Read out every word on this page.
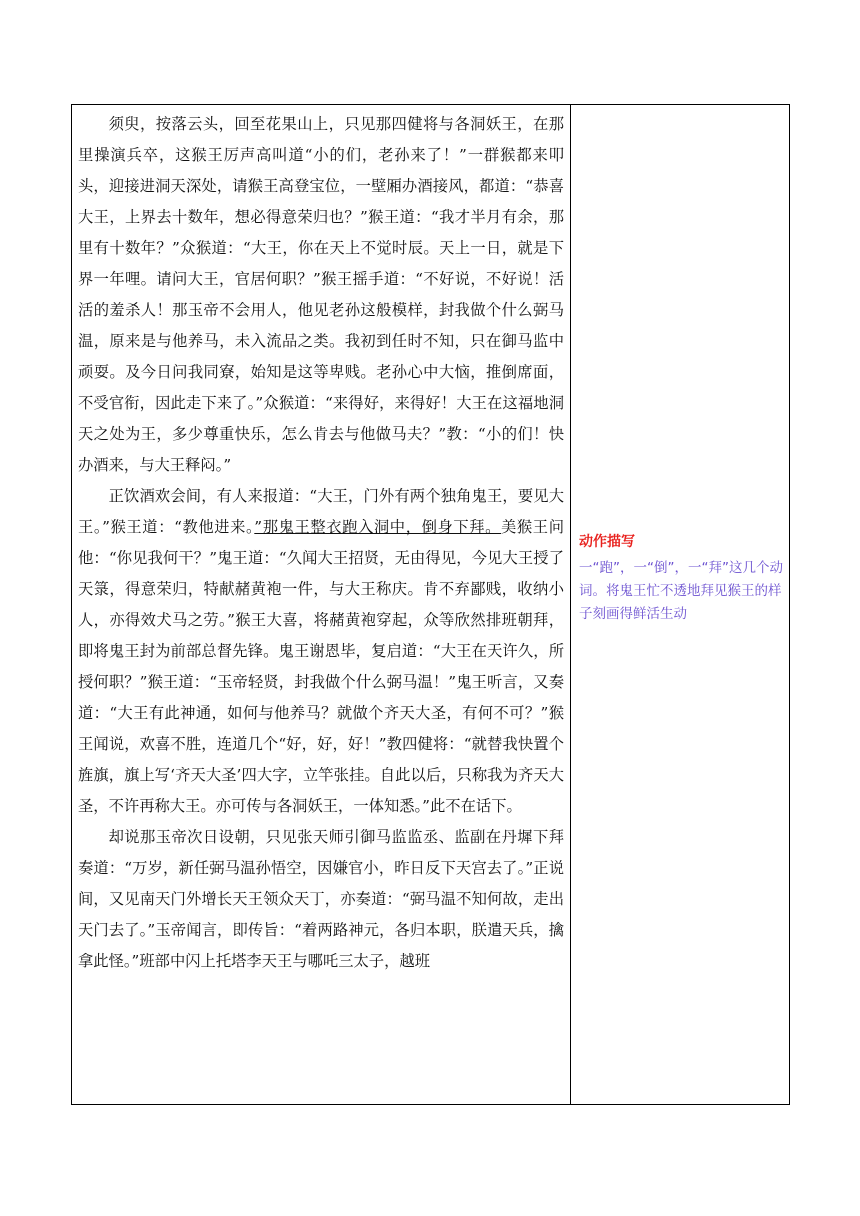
须臾，按落云头，回至花果山上，只见那四健将与各洞妖王，在那里操演兵卒，这猴王厉声高叫道“小的们，老孙来了！”一群猴都来叩头，迎接进洞天深处，请猴王高登宝位，一壁厢办酒接风，都道：“恭喜大王，上界去十数年，想必得意荣归也？”猴王道：“我才半月有余，那里有十数年？”众猴道：“大王，你在天上不觉时辰。天上一日，就是下界一年哩。请问大王，官居何职？”猴王摇手道：“不好说，不好说！活活的羞杀人！那玉帝不会用人，他见老孙这般模样，封我做个什么弼马温，原来是与他养马，未入流品之类。我初到任时不知，只在御马监中顽耍。及今日问我同寮，始知是这等卑贱。老孙心中大恼，推倒席面，不受官衔，因此走下来了。”众猴道：“来得好，来得好！大王在这福地洞天之处为王，多少尊重快乐，怎么肯去与他做马夫？”教：“小的们！快办酒来，与大王释闷。”

正饮酒欢会间，有人来报道：“大王，门外有两个独角鬼王，要见大王。”猴王道：“教他进来。”那鬼王整衣跑入洞中，倒身下拜。美猴王问他：“你见我何干？”鬼王道：“久闻大王招贤，无由得见，今见大王授了天箓，得意荣归，特献赭黄袍一件，与大王称庆。肯不弃鄙贱，收纳小人，亦得效犬马之劳。”猴王大喜，将赭黄袍穿起，众等欣然排班朝拜，即将鬼王封为前部总督先锋。鬼王谢恩毕，复启道：“大王在天许久，所授何职？”猴王道：“玉帝轻贤，封我做个什么弼马温！”鬼王听言，又奏道：“大王有此神通，如何与他养马？就做个齐天大圣，有何不可？”猴王闻说，欢喜不胜，连道几个“好，好，好！”教四健将：“就替我快置个旌旗，旗上写‘齐天大圣’四大字，立竿张挂。自此以后，只称我为齐天大圣，不许再称大王。亦可传与各洞妖王，一体知悉。”此不在话下。

却说那玉帝次日设朝，只见张天师引御马监监丞、监副在丹墀下拜奏道：“万岁，新任弼马温孙悟空，因嫌官小，昨日反下天宫去了。”正说间，又见南天门外增长天王领众天丁，亦奏道：“弼马温不知何故，走出天门去了。”玉帝闻言，即传旨：“着两路神元，各归本职，朕遣天兵，擒拿此怪。”班部中闪上托塔李天王与哪吒三太子，越班

动作描写

一“跑”，一“倒”，一“拜”这几个动词。将鬼王忙不透地拜见猴王的样子刻画得鲜活生动
